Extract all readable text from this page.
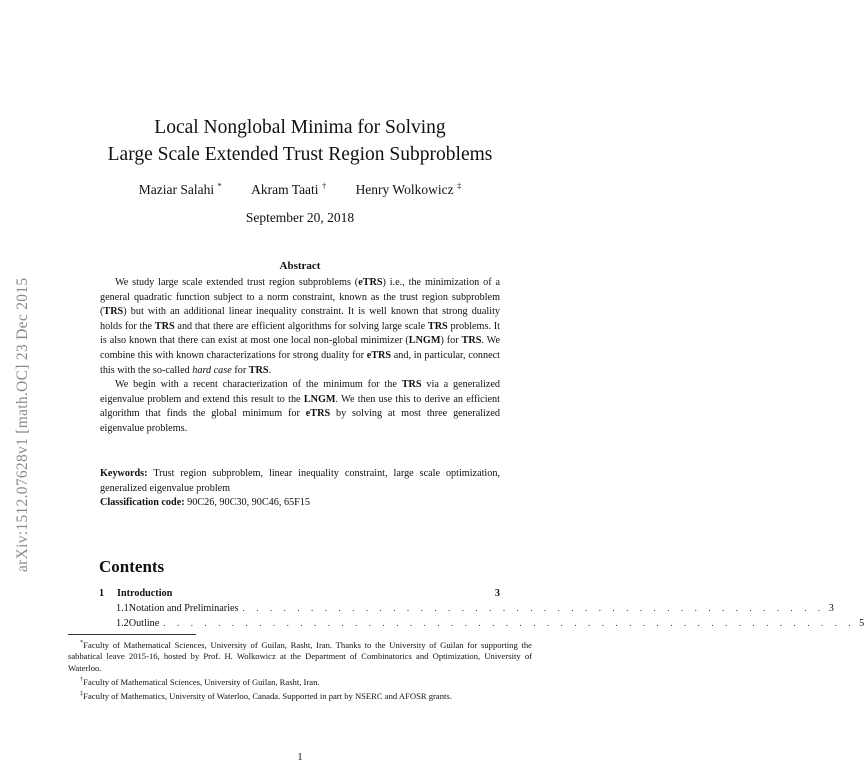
arXiv:1512.07628v1 [math.OC] 23 Dec 2015
Local Nonglobal Minima for Solving
Large Scale Extended Trust Region Subproblems
Maziar Salahi * Akram Taati † Henry Wolkowicz ‡
September 20, 2018
Abstract

We study large scale extended trust region subproblems (eTRS) i.e., the minimization of a general quadratic function subject to a norm constraint, known as the trust region subproblem (TRS) but with an additional linear inequality constraint. It is well known that strong duality holds for the TRS and that there are efficient algorithms for solving large scale TRS problems. It is also known that there can exist at most one local non-global minimizer (LNGM) for TRS. We combine this with known characterizations for strong duality for eTRS and, in particular, connect this with the so-called hard case for TRS.

We begin with a recent characterization of the minimum for the TRS via a generalized eigenvalue problem and extend this result to the LNGM. We then use this to derive an efficient algorithm that finds the global minimum for eTRS by solving at most three generalized eigenvalue problems.

Keywords: Trust region subproblem, linear inequality constraint, large scale optimization, generalized eigenvalue problem

Classification code: 90C26, 90C30, 90C46, 65F15

Contents
1	Introduction	3
1.1 Notation and Preliminaries . . . . . . . . . . . . . . . . . . . . . . . . . . . . . . . . . . . . . . . . . . . 3
1.2 Outline . . . . . . . . . . . . . . . . . . . . . . . . . . . . . . . . . . . . . . . . . . . . . . . . . . . 5

*Faculty of Mathematical Sciences, University of Guilan, Rasht, Iran. Thanks to the University of Guilan for supporting the sabbatical leave 2015-16, hosted by Prof. H. Wolkowicz at the Department of Combinatorics and Optimization, University of Waterloo.

†Faculty of Mathematical Sciences, University of Guilan, Rasht, Iran.

‡Faculty of Mathematics, University of Waterloo, Canada. Supported in part by NSERC and AFOSR grants.

1
